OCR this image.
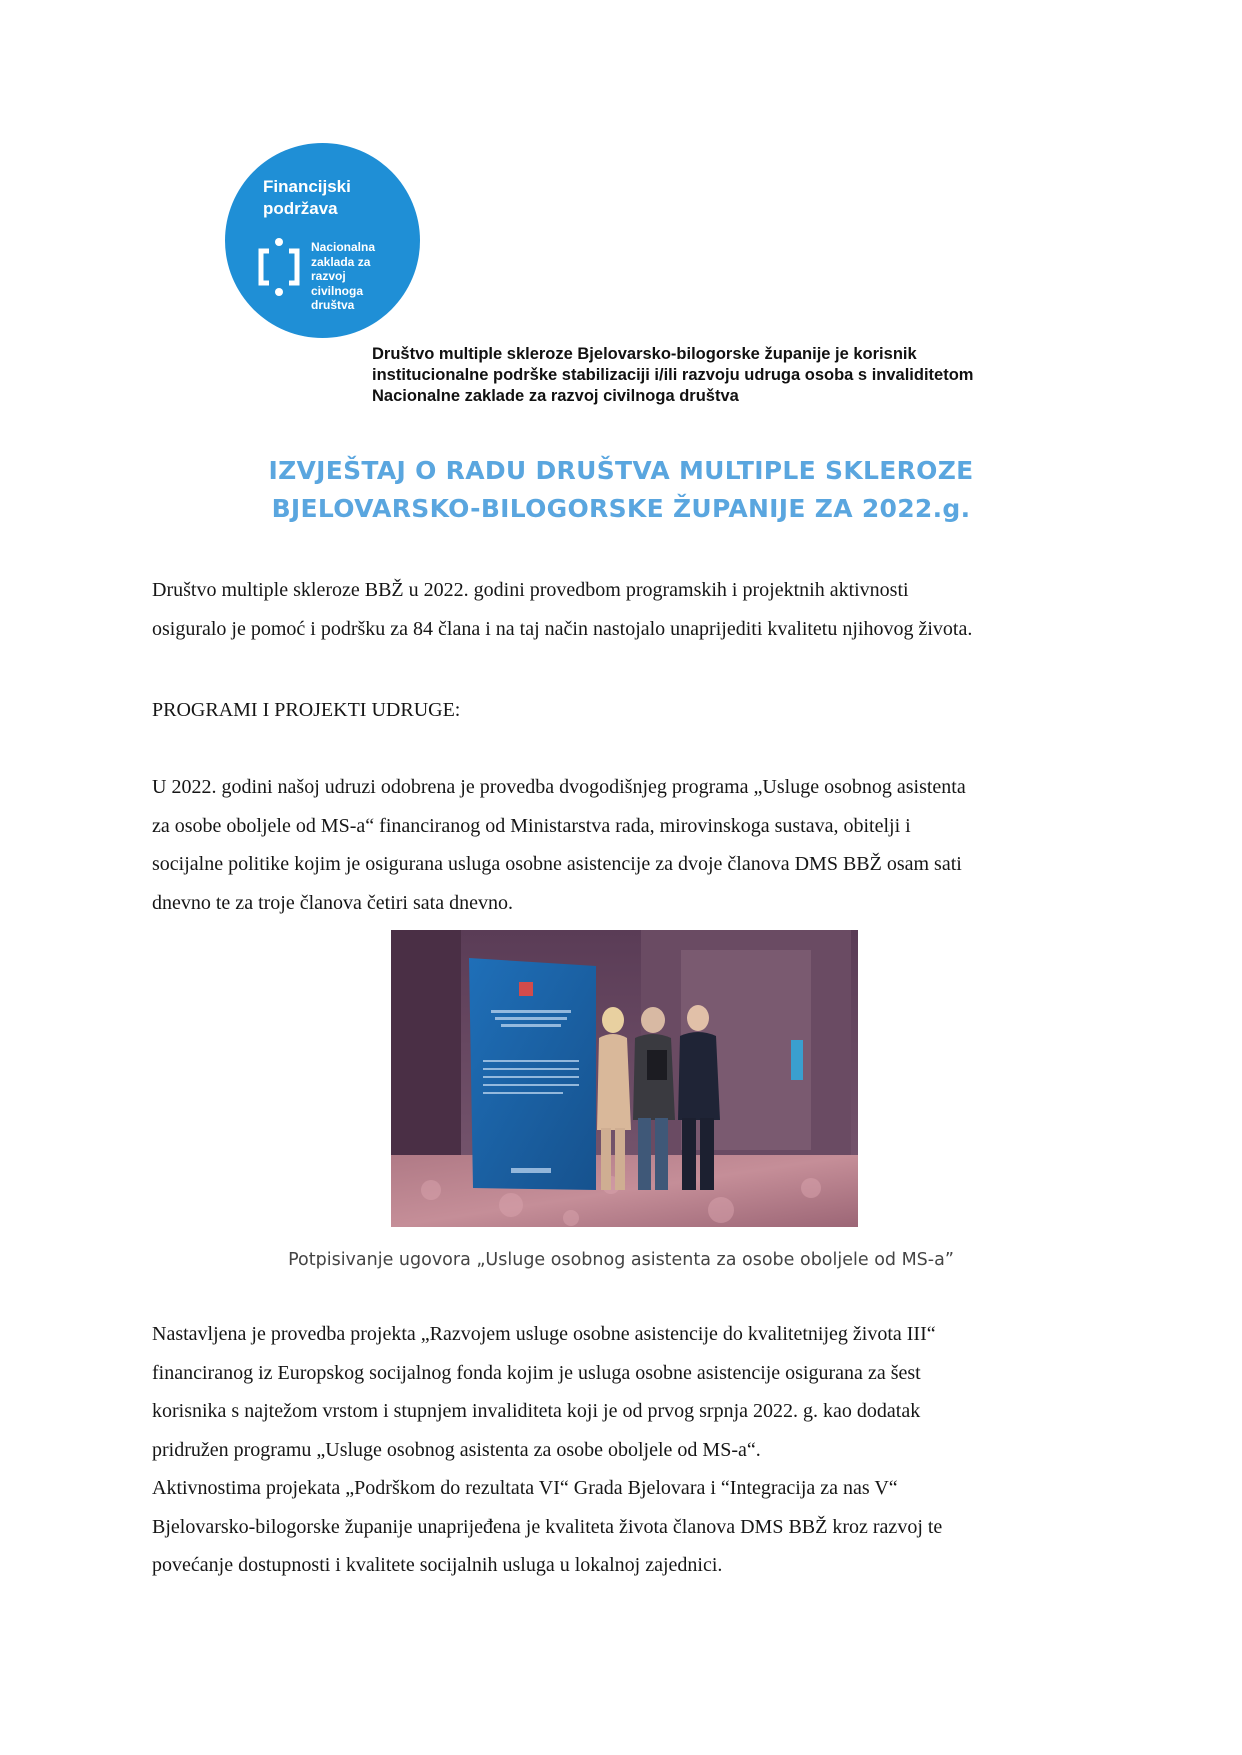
Financijski
podržava
Nacionalna
zaklada za
razvoj
civilnoga
društva
Društvo multiple skleroze Bjelovarsko-bilogorske županije je korisnik
institucionalne podrške stabilizaciji i/ili razvoju udruga osoba s invaliditetom
Nacionalne zaklade za razvoj civilnoga društva
IZVJEŠTAJ O RADU DRUŠTVA MULTIPLE SKLEROZE
BJELOVARSKO-BILOGORSKE ŽUPANIJE ZA 2022.g.
Društvo multiple skleroze BBŽ u 2022. godini provedbom programskih i projektnih aktivnosti
osiguralo je pomoć i podršku za 84 člana i na taj način nastojalo unaprijediti kvalitetu njihovog života.
PROGRAMI I PROJEKTI UDRUGE:
U 2022. godini našoj udruzi odobrena je provedba dvogodišnjeg programa „Usluge osobnog asistenta
za osobe oboljele od MS-a“ financiranog od Ministarstva rada, mirovinskoga sustava, obitelji i
socijalne politike kojim je osigurana usluga osobne asistencije za dvoje članova DMS BBŽ osam sati
dnevno te za troje članova četiri sata dnevno.
Potpisivanje ugovora „Usluge osobnog asistenta za osobe oboljele od MS-a”
Nastavljena je provedba projekta „Razvojem usluge osobne asistencije do kvalitetnijeg života III“
financiranog iz Europskog socijalnog fonda kojim je usluga osobne asistencije osigurana za šest
korisnika s najtežom vrstom i stupnjem invaliditeta koji je od prvog srpnja 2022. g. kao dodatak
pridružen programu „Usluge osobnog asistenta za osobe oboljele od MS-a“.
Aktivnostima projekata „Podrškom do rezultata VI“ Grada Bjelovara i “Integracija za nas V“
Bjelovarsko-bilogorske županije unaprijeđena je kvaliteta života članova DMS BBŽ kroz razvoj te
povećanje dostupnosti i kvalitete socijalnih usluga u lokalnoj zajednici.
